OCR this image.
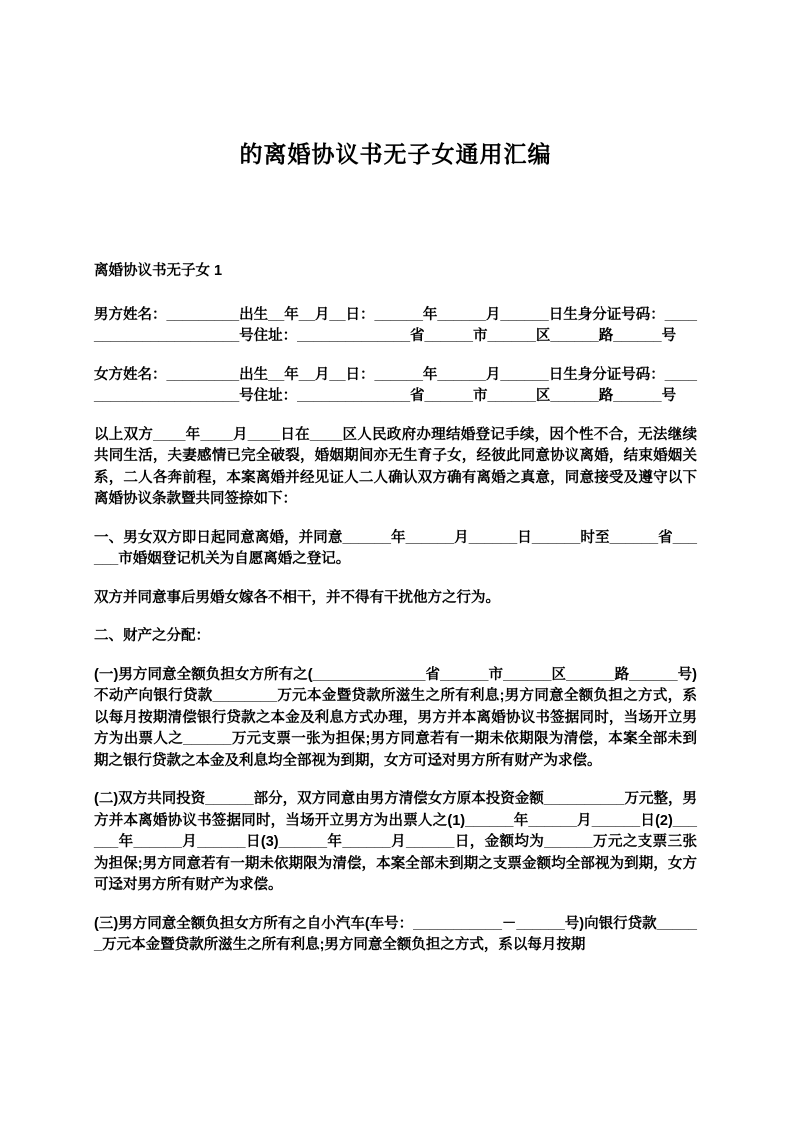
的离婚协议书无子女通用汇编

离婚协议书无子女 1

男方姓名：_________出生__年__月__日：______年______月______日生身分证号码：______________________号住址：______________省______市______区______路______号

女方姓名：_________出生__年__月__日：______年______月______日生身分证号码：______________________号住址：______________省______市______区______路______号

以上双方____年____月____日在____区人民政府办理结婚登记手续，因个性不合，无法继续共同生活，夫妻感情已完全破裂，婚姻期间亦无生育子女，经彼此同意协议离婚，结束婚姻关系，二人各奔前程，本案离婚并经见证人二人确认双方确有离婚之真意，同意接受及遵守以下离婚协议条款暨共同签捺如下：

一、男女双方即日起同意离婚，并同意______年______月______日______时至______省______市婚姻登记机关为自愿离婚之登记。

双方并同意事后男婚女嫁各不相干，并不得有干扰他方之行为。

二、财产之分配：

(一)男方同意全额负担女方所有之(______________省______市______区______路______号)不动产向银行贷款________万元本金暨贷款所滋生之所有利息;男方同意全额负担之方式，系以每月按期清偿银行贷款之本金及利息方式办理，男方并本离婚协议书签据同时，当场开立男方为出票人之______万元支票一张为担保;男方同意若有一期未依期限为清偿，本案全部未到期之银行贷款之本金及利息均全部视为到期，女方可迳对男方所有财产为求偿。

(二)双方共同投资______部分，双方同意由男方清偿女方原本投资金额__________万元整，男方并本离婚协议书签据同时，当场开立男方为出票人之(1)______年______月______日(2)______年______月______日(3)______年______月______日，金额均为______万元之支票三张为担保;男方同意若有一期未依期限为清偿，本案全部未到期之支票金额均全部视为到期，女方可迳对男方所有财产为求偿。

(三)男方同意全额负担女方所有之自小汽车(车号：___________－______号)向银行贷款______万元本金暨贷款所滋生之所有利息;男方同意全额负担之方式，系以每月按期
